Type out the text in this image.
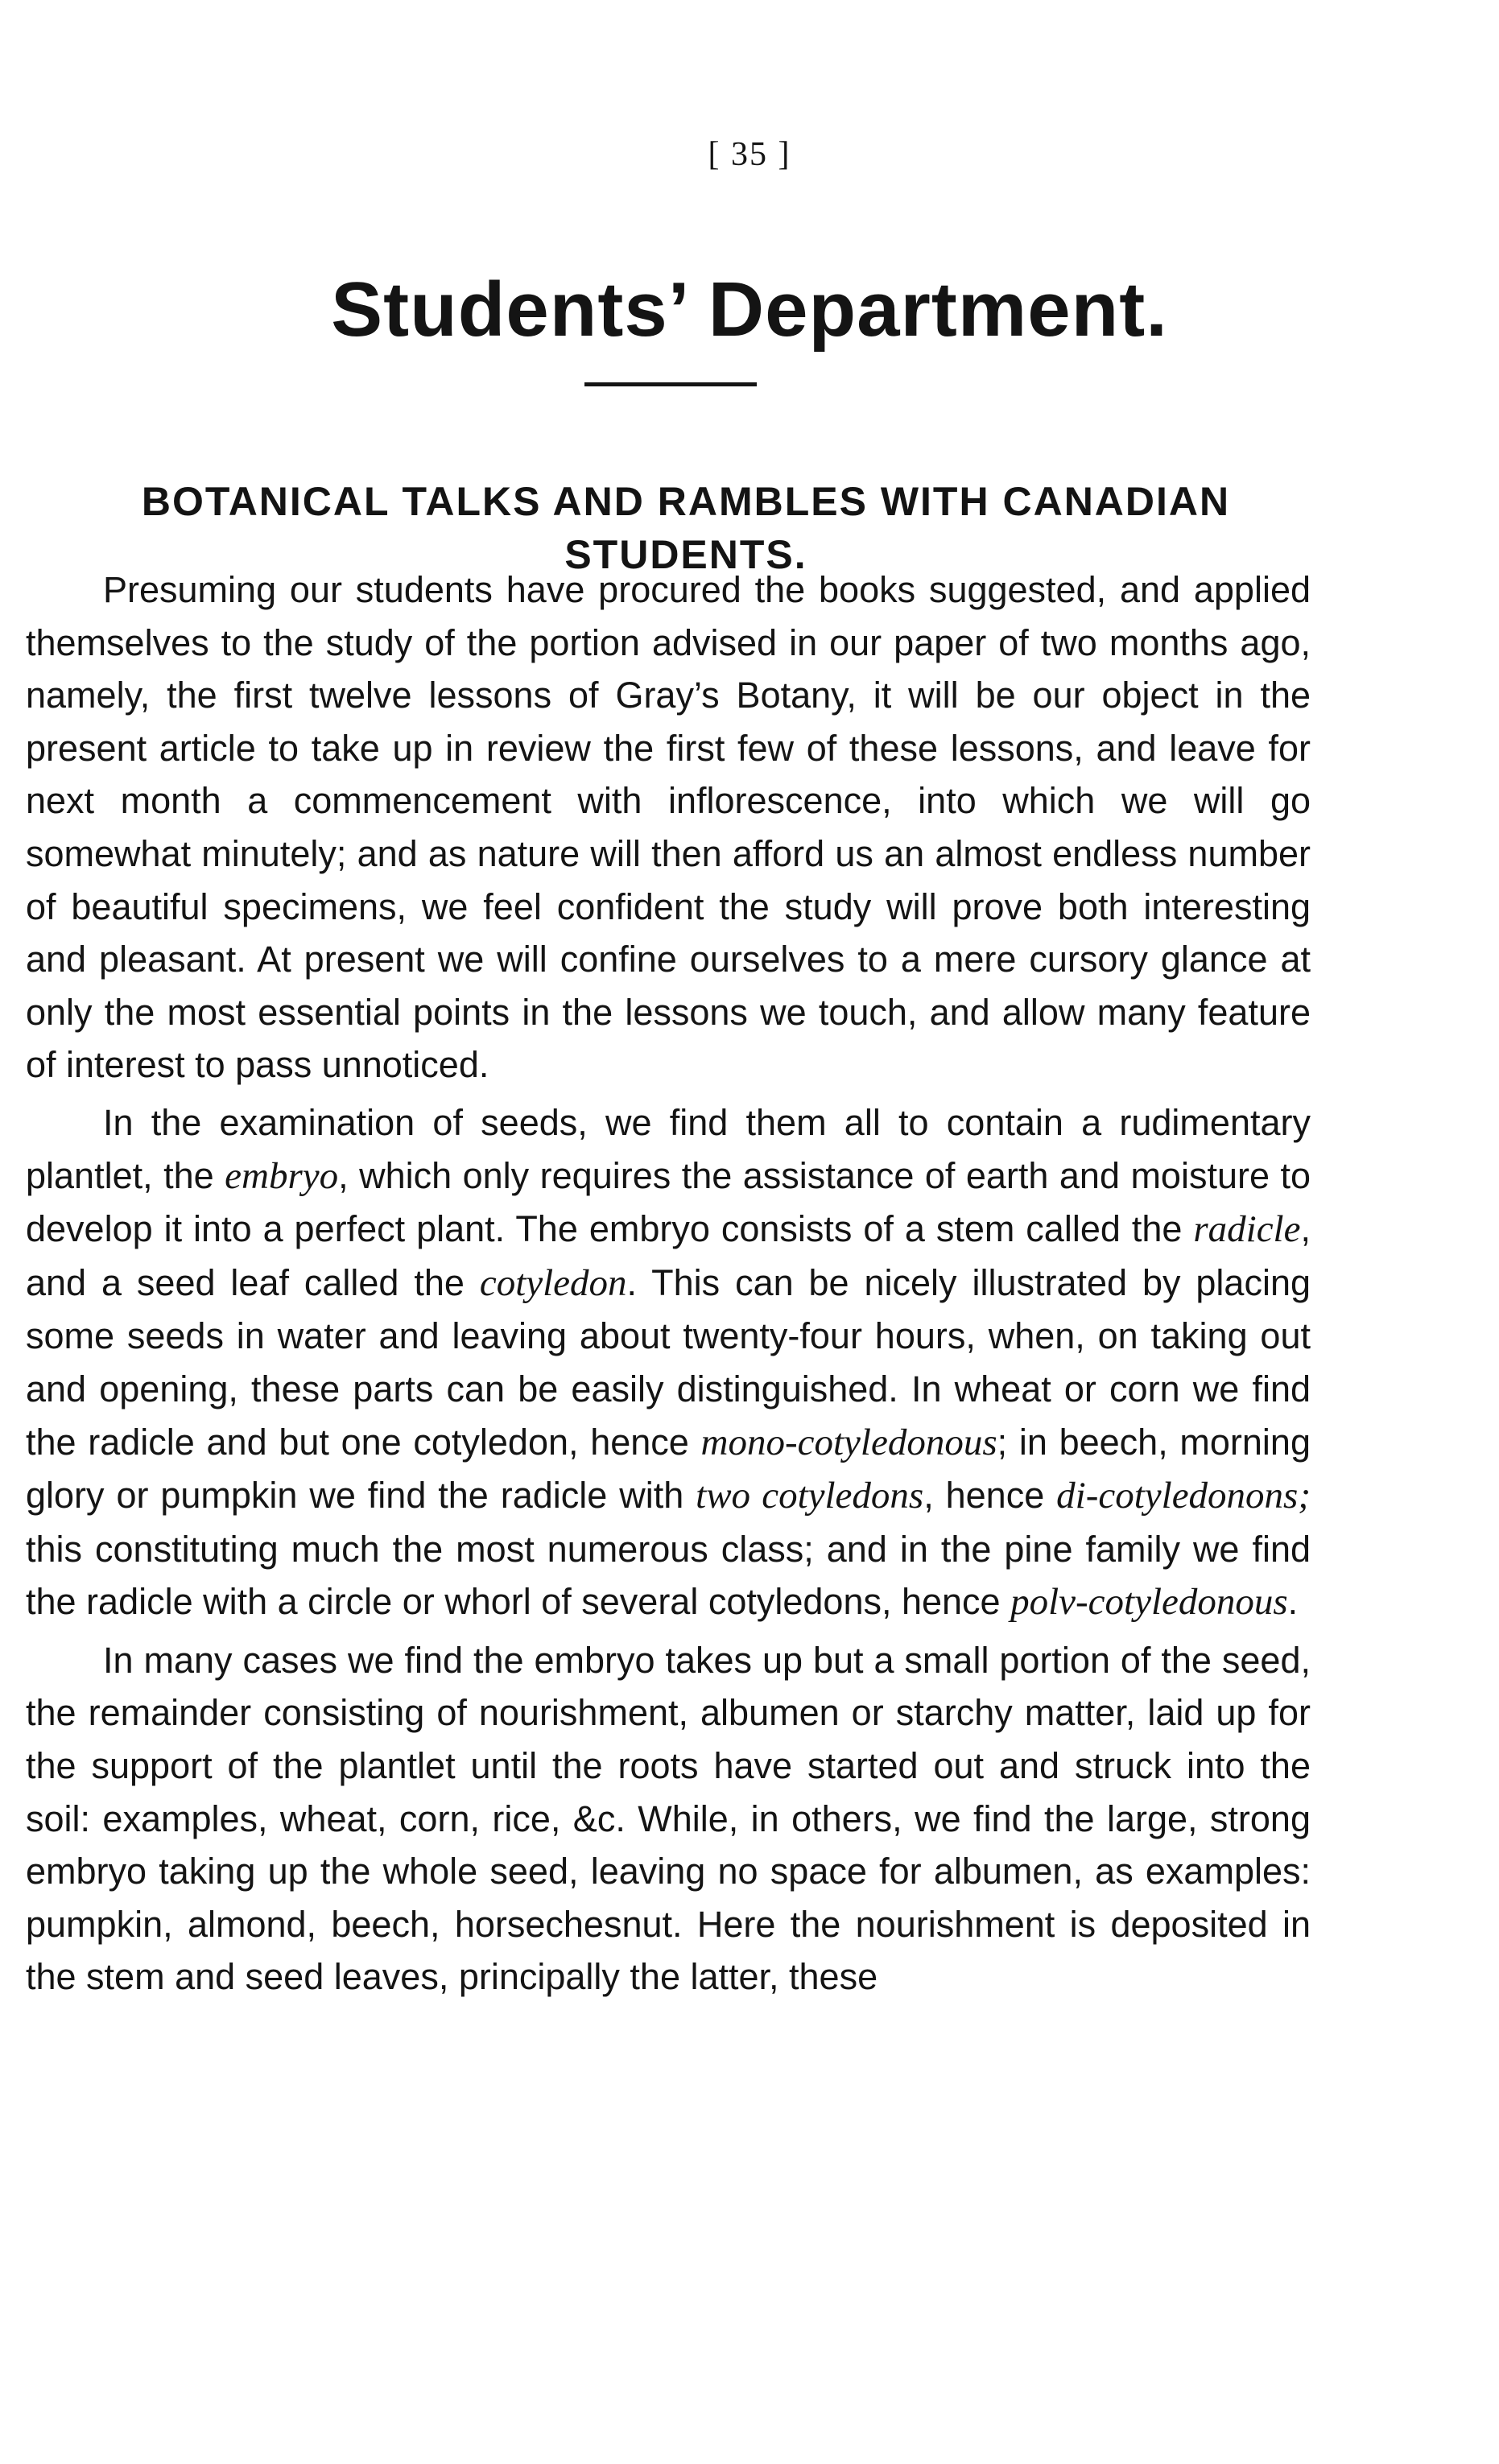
[ 35 ]
Students’ Department.
BOTANICAL TALKS AND RAMBLES WITH CANADIAN STUDENTS.

Presuming our students have procured the books suggested, and applied themselves to the study of the portion advised in our paper of two months ago, namely, the first twelve lessons of Gray’s Botany, it will be our object in the present article to take up in review the first few of these lessons, and leave for next month a commencement with inflorescence, into which we will go somewhat minutely; and as nature will then afford us an almost endless number of beautiful specimens, we feel confident the study will prove both interesting and pleasant. At present we will confine ourselves to a mere cursory glance at only the most essential points in the lessons we touch, and allow many feature of interest to pass unnoticed.

In the examination of seeds, we find them all to contain a rudimentary plantlet, the embryo, which only requires the assistance of earth and moisture to develop it into a perfect plant. The embryo consists of a stem called the radicle, and a seed leaf called the cotyledon. This can be nicely illustrated by placing some seeds in water and leaving about twenty-four hours, when, on taking out and opening, these parts can be easily distinguished. In wheat or corn we find the radicle and but one cotyledon, hence mono-cotyledonous; in beech, morning glory or pumpkin we find the radicle with two cotyledons, hence di-cotyledonons; this constituting much the most numerous class; and in the pine family we find the radicle with a circle or whorl of several cotyledons, hence polv-cotyledonous.

In many cases we find the embryo takes up but a small portion of the seed, the remainder consisting of nourishment, albumen or starchy matter, laid up for the support of the plantlet until the roots have started out and struck into the soil: examples, wheat, corn, rice, &c. While, in others, we find the large, strong embryo taking up the whole seed, leaving no space for albumen, as examples: pumpkin, almond, beech, horsechesnut. Here the nourishment is deposited in the stem and seed leaves, principally the latter, these
